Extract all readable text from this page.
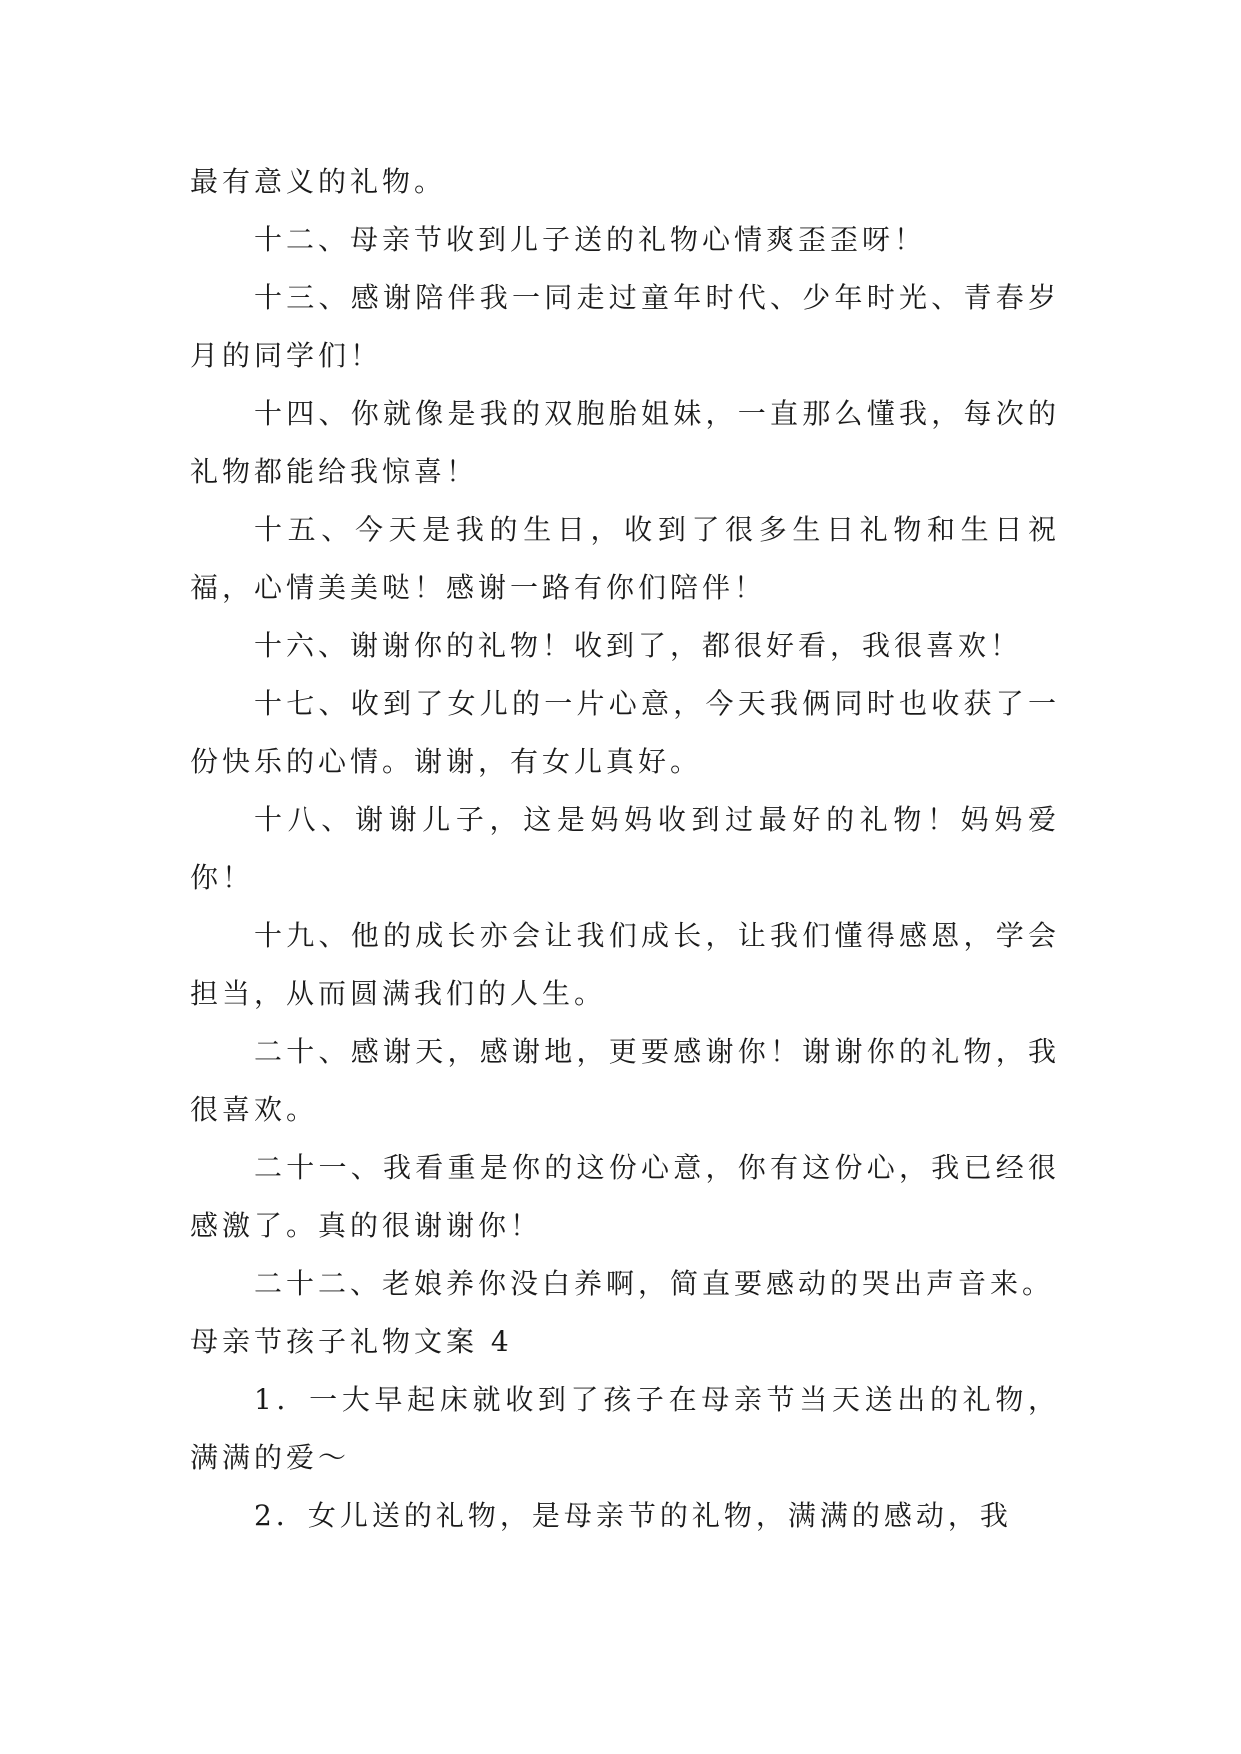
最有意义的礼物。

十二、母亲节收到儿子送的礼物心情爽歪歪呀！

十三、感谢陪伴我一同走过童年时代、少年时光、青春岁月的同学们！

十四、你就像是我的双胞胎姐妹，一直那么懂我，每次的礼物都能给我惊喜！

十五、今天是我的生日，收到了很多生日礼物和生日祝福，心情美美哒！感谢一路有你们陪伴！

十六、谢谢你的礼物！收到了，都很好看，我很喜欢！

十七、收到了女儿的一片心意，今天我俩同时也收获了一份快乐的心情。谢谢，有女儿真好。

十八、谢谢儿子，这是妈妈收到过最好的礼物！妈妈爱你！

十九、他的成长亦会让我们成长，让我们懂得感恩，学会担当，从而圆满我们的人生。

二十、感谢天，感谢地，更要感谢你！谢谢你的礼物，我很喜欢。

二十一、我看重是你的这份心意，你有这份心，我已经很感激了。真的很谢谢你！

二十二、老娘养你没白养啊，简直要感动的哭出声音来。

母亲节孩子礼物文案 4

1．一大早起床就收到了孩子在母亲节当天送出的礼物，满满的爱～

2．女儿送的礼物，是母亲节的礼物，满满的感动，我
